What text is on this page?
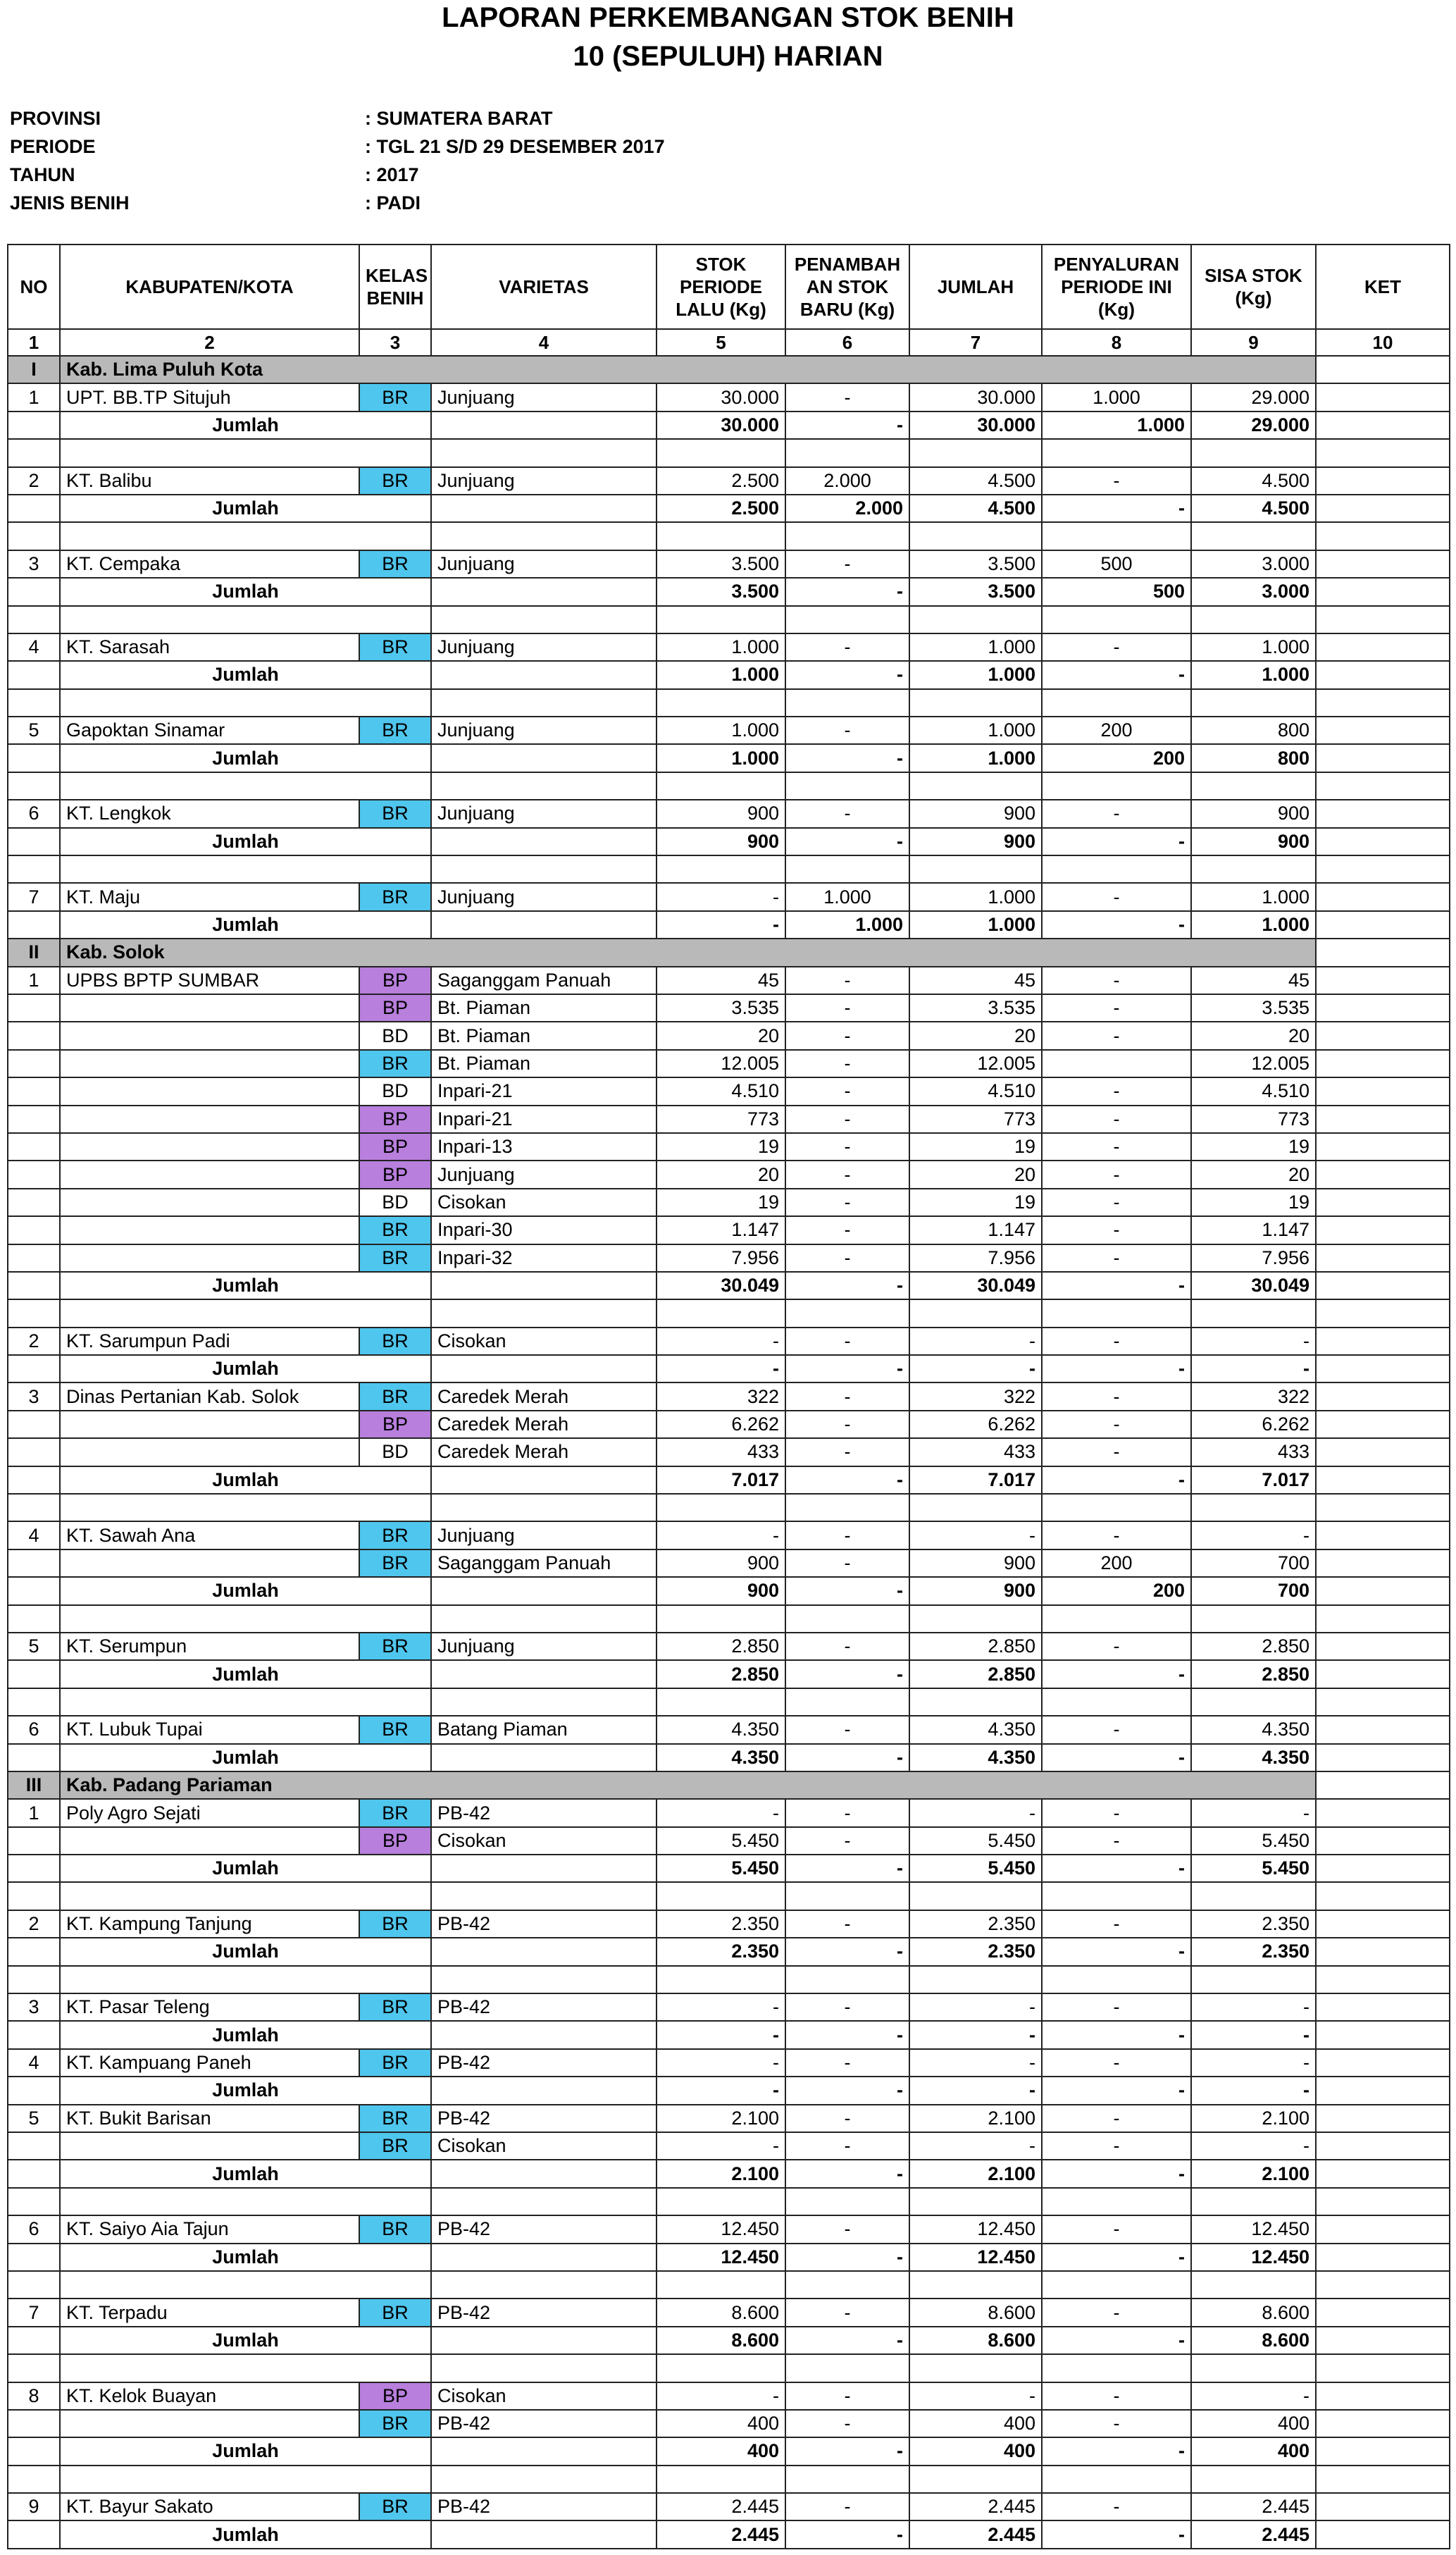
LAPORAN PERKEMBANGAN STOK BENIH
10 (SEPULUH) HARIAN
PROVINSI	: SUMATERA BARAT
PERIODE	: TGL 21 S/D 29 DESEMBER 2017
TAHUN	: 2017
JENIS BENIH	: PADI
NO	KABUPATEN/KOTA	KELAS BENIH	VARIETAS	STOK PERIODE LALU (Kg)	PENAMBAH AN STOK BARU (Kg)	JUMLAH	PENYALURAN PERIODE INI (Kg)	SISA STOK (Kg)	KET
1	2	3	4	5	6	7	8	9	10
I	Kab. Lima Puluh Kota								
1	UPT. BB.TP Situjuh	BR	Junjuang	30.000	-	30.000	1.000	29.000	
	Jumlah			30.000	-	30.000	1.000	29.000	

2	KT. Balibu	BR	Junjuang	2.500	2.000	4.500	-	4.500	
	Jumlah			2.500	2.000	4.500	-	4.500	

3	KT. Cempaka	BR	Junjuang	3.500	-	3.500	500	3.000	
	Jumlah			3.500	-	3.500	500	3.000	

4	KT. Sarasah	BR	Junjuang	1.000	-	1.000	-	1.000	
	Jumlah			1.000	-	1.000	-	1.000	

5	Gapoktan Sinamar	BR	Junjuang	1.000	-	1.000	200	800	
	Jumlah			1.000	-	1.000	200	800	

6	KT. Lengkok	BR	Junjuang	900	-	900	-	900	
	Jumlah			900	-	900	-	900	

7	KT. Maju	BR	Junjuang	-	1.000	1.000	-	1.000	
	Jumlah			-	1.000	1.000	-	1.000	
II	Kab. Solok								
1	UPBS BPTP SUMBAR	BP	Saganggam Panuah	45	-	45	-	45	
		BP	Bt. Piaman	3.535	-	3.535	-	3.535	
		BD	Bt. Piaman	20	-	20	-	20	
		BR	Bt. Piaman	12.005	-	12.005		12.005	
		BD	Inpari-21	4.510	-	4.510	-	4.510	
		BP	Inpari-21	773	-	773	-	773	
		BP	Inpari-13	19	-	19	-	19	
		BP	Junjuang	20	-	20	-	20	
		BD	Cisokan	19	-	19	-	19	
		BR	Inpari-30	1.147	-	1.147	-	1.147	
		BR	Inpari-32	7.956	-	7.956	-	7.956	
	Jumlah			30.049	-	30.049	-	30.049	

2	KT. Sarumpun Padi	BR	Cisokan	-	-	-	-	-	
	Jumlah			-	-	-	-	-	
3	Dinas Pertanian Kab. Solok	BR	Caredek Merah	322	-	322	-	322	
		BP	Caredek Merah	6.262	-	6.262	-	6.262	
		BD	Caredek Merah	433	-	433	-	433	
	Jumlah			7.017	-	7.017	-	7.017	

4	KT. Sawah Ana	BR	Junjuang	-	-	-	-	-	
		BR	Saganggam Panuah	900	-	900	200	700	
	Jumlah			900	-	900	200	700	

5	KT. Serumpun	BR	Junjuang	2.850	-	2.850	-	2.850	
	Jumlah			2.850	-	2.850	-	2.850	

6	KT. Lubuk Tupai	BR	Batang Piaman	4.350	-	4.350	-	4.350	
	Jumlah			4.350	-	4.350	-	4.350	
III	Kab. Padang Pariaman								
1	Poly Agro Sejati	BR	PB-42	-	-	-	-	-	
		BP	Cisokan	5.450	-	5.450	-	5.450	
	Jumlah			5.450	-	5.450	-	5.450	

2	KT. Kampung Tanjung	BR	PB-42	2.350	-	2.350	-	2.350	
	Jumlah			2.350	-	2.350	-	2.350	

3	KT. Pasar Teleng	BR	PB-42	-	-	-	-	-	
	Jumlah			-	-	-	-	-	
4	KT. Kampuang Paneh	BR	PB-42	-	-	-	-	-	
	Jumlah			-	-	-	-	-	
5	KT. Bukit Barisan	BR	PB-42	2.100	-	2.100	-	2.100	
		BR	Cisokan	-	-	-	-	-	
	Jumlah			2.100	-	2.100	-	2.100	

6	KT. Saiyo Aia Tajun	BR	PB-42	12.450	-	12.450	-	12.450	
	Jumlah			12.450	-	12.450	-	12.450	

7	KT. Terpadu	BR	PB-42	8.600	-	8.600	-	8.600	
	Jumlah			8.600	-	8.600	-	8.600	

8	KT. Kelok Buayan	BP	Cisokan	-	-	-	-	-	
		BR	PB-42	400	-	400	-	400	
	Jumlah			400	-	400	-	400	

9	KT. Bayur Sakato	BR	PB-42	2.445	-	2.445	-	2.445	
	Jumlah			2.445	-	2.445	-	2.445	
